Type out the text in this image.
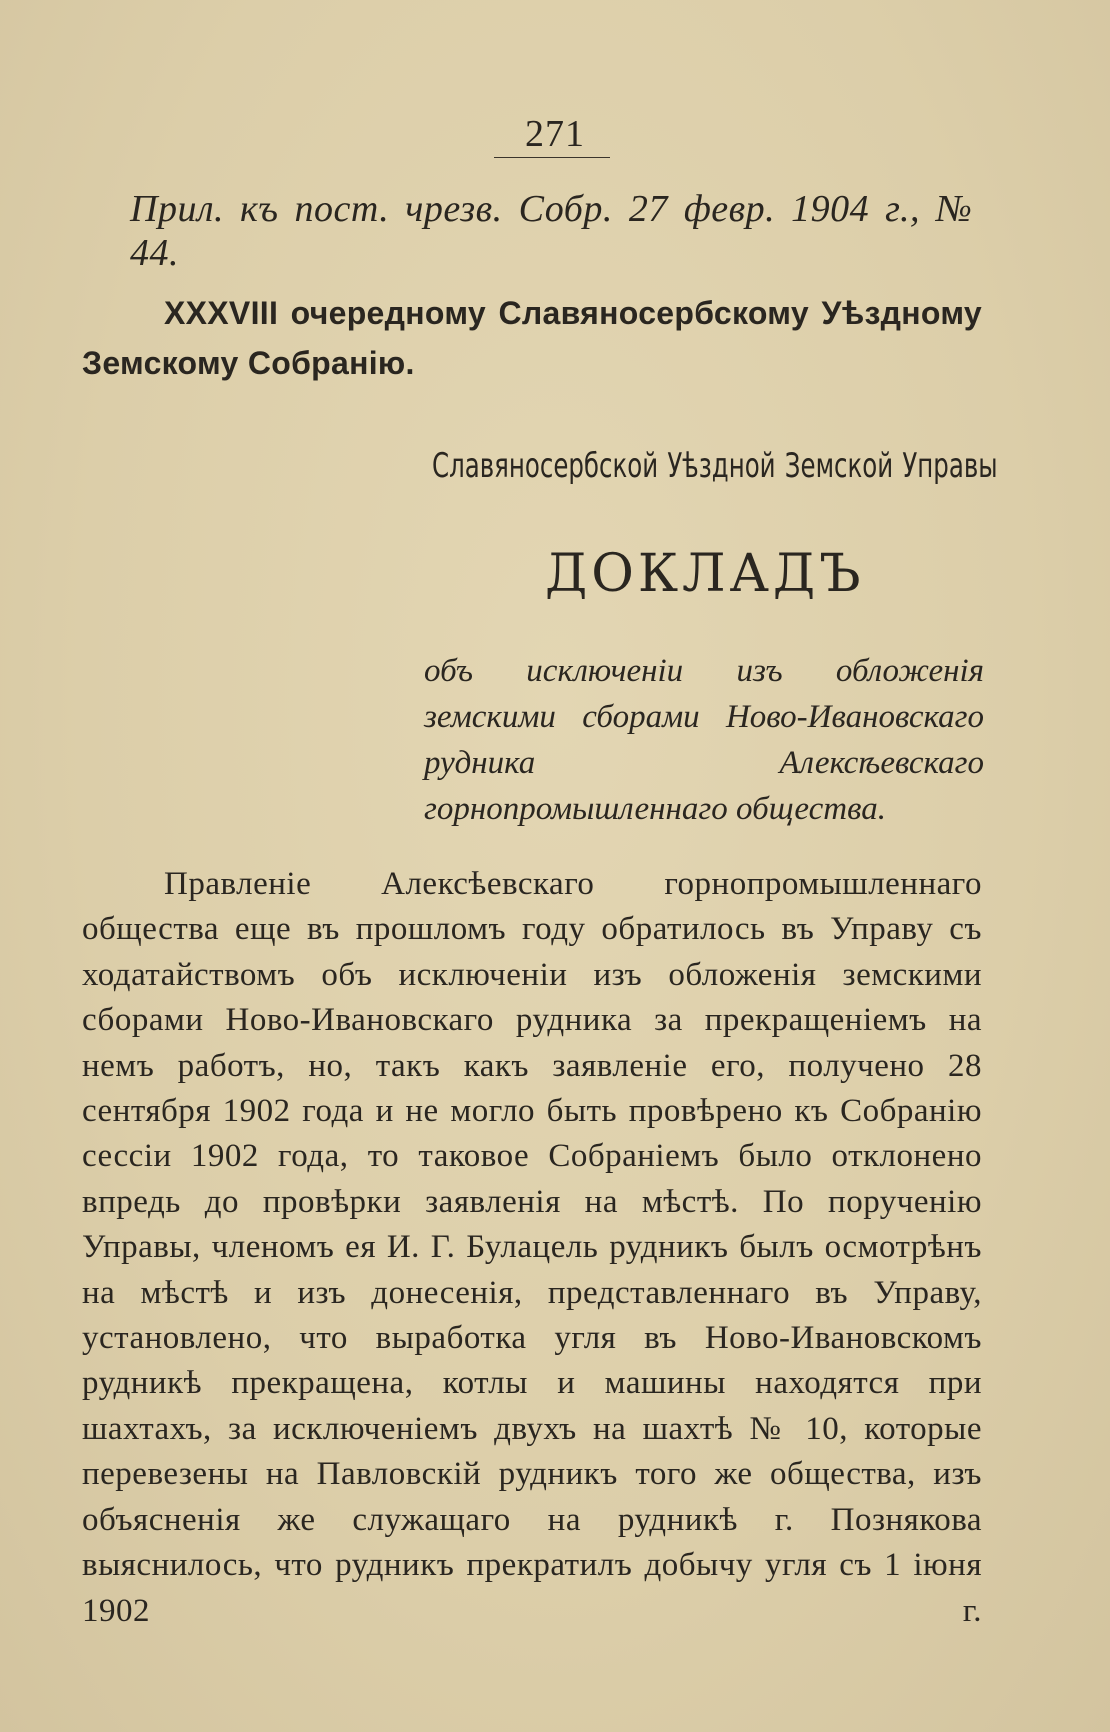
271
Прил. къ пост. чрезв. Собр. 27 февр. 1904 г., № 44.
XXXVIII очередному Славяносербскому Уѣздному Земскому Собранію.
Славяносербской Уѣздной Земской Управы
ДОКЛАДЪ
объ исключеніи изъ обложенія земскими сборами Ново-Ивановскаго рудника Алексѣевскаго горнопромышленнаго общества.
Правленіе Алексѣевскаго горнопромышленнаго общества еще въ прошломъ году обратилось въ Управу съ ходатайствомъ объ исключеніи изъ обложенія земскими сборами Ново-Ивановскаго рудника за прекращеніемъ на немъ работъ, но, такъ какъ заявленіе его, получено 28 сентября 1902 года и не могло быть провѣрено къ Собранію сессіи 1902 года, то таковое Собраніемъ было отклонено впредь до провѣрки заявленія на мѣстѣ. По порученію Управы, членомъ ея И. Г. Булацель рудникъ былъ осмотрѣнъ на мѣстѣ и изъ донесенія, представленнаго въ Управу, установлено, что выработка угля въ Ново-Ивановскомъ рудникѣ прекращена, котлы и машины находятся при шахтахъ, за исключеніемъ двухъ на шахтѣ № 10, которые перевезены на Павловскій рудникъ того же общества, изъ объясненія же служащаго на рудникѣ г. Познякова выяснилось, что рудникъ прекратилъ добычу угля съ 1 іюня 1902 г.
